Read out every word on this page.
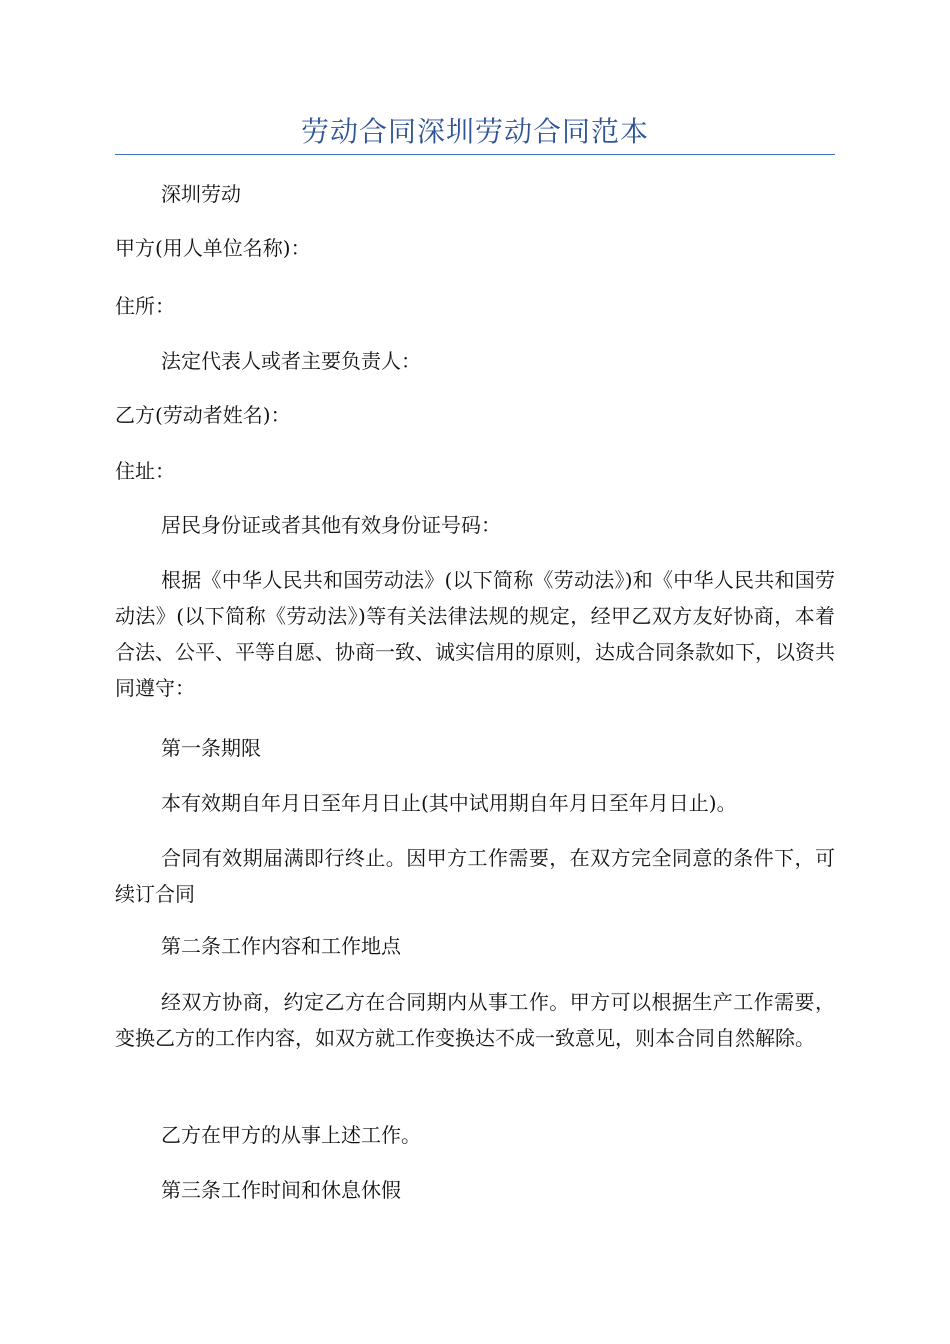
劳动合同深圳劳动合同范本

深圳劳动

甲方(用人单位名称)：

住所：

法定代表人或者主要负责人：

乙方(劳动者姓名)：

住址：

居民身份证或者其他有效身份证号码：

根据《中华人民共和国劳动法》(以下简称《劳动法》)和《中华人民共和国劳动法》(以下简称《劳动法》)等有关法律法规的规定，经甲乙双方友好协商，本着合法、公平、平等自愿、协商一致、诚实信用的原则，达成合同条款如下，以资共同遵守：

第一条期限

本有效期自年月日至年月日止(其中试用期自年月日至年月日止)。

合同有效期届满即行终止。因甲方工作需要，在双方完全同意的条件下，可续订合同

第二条工作内容和工作地点

经双方协商，约定乙方在合同期内从事工作。甲方可以根据生产工作需要，变换乙方的工作内容，如双方就工作变换达不成一致意见，则本合同自然解除。

乙方在甲方的从事上述工作。

第三条工作时间和休息休假
